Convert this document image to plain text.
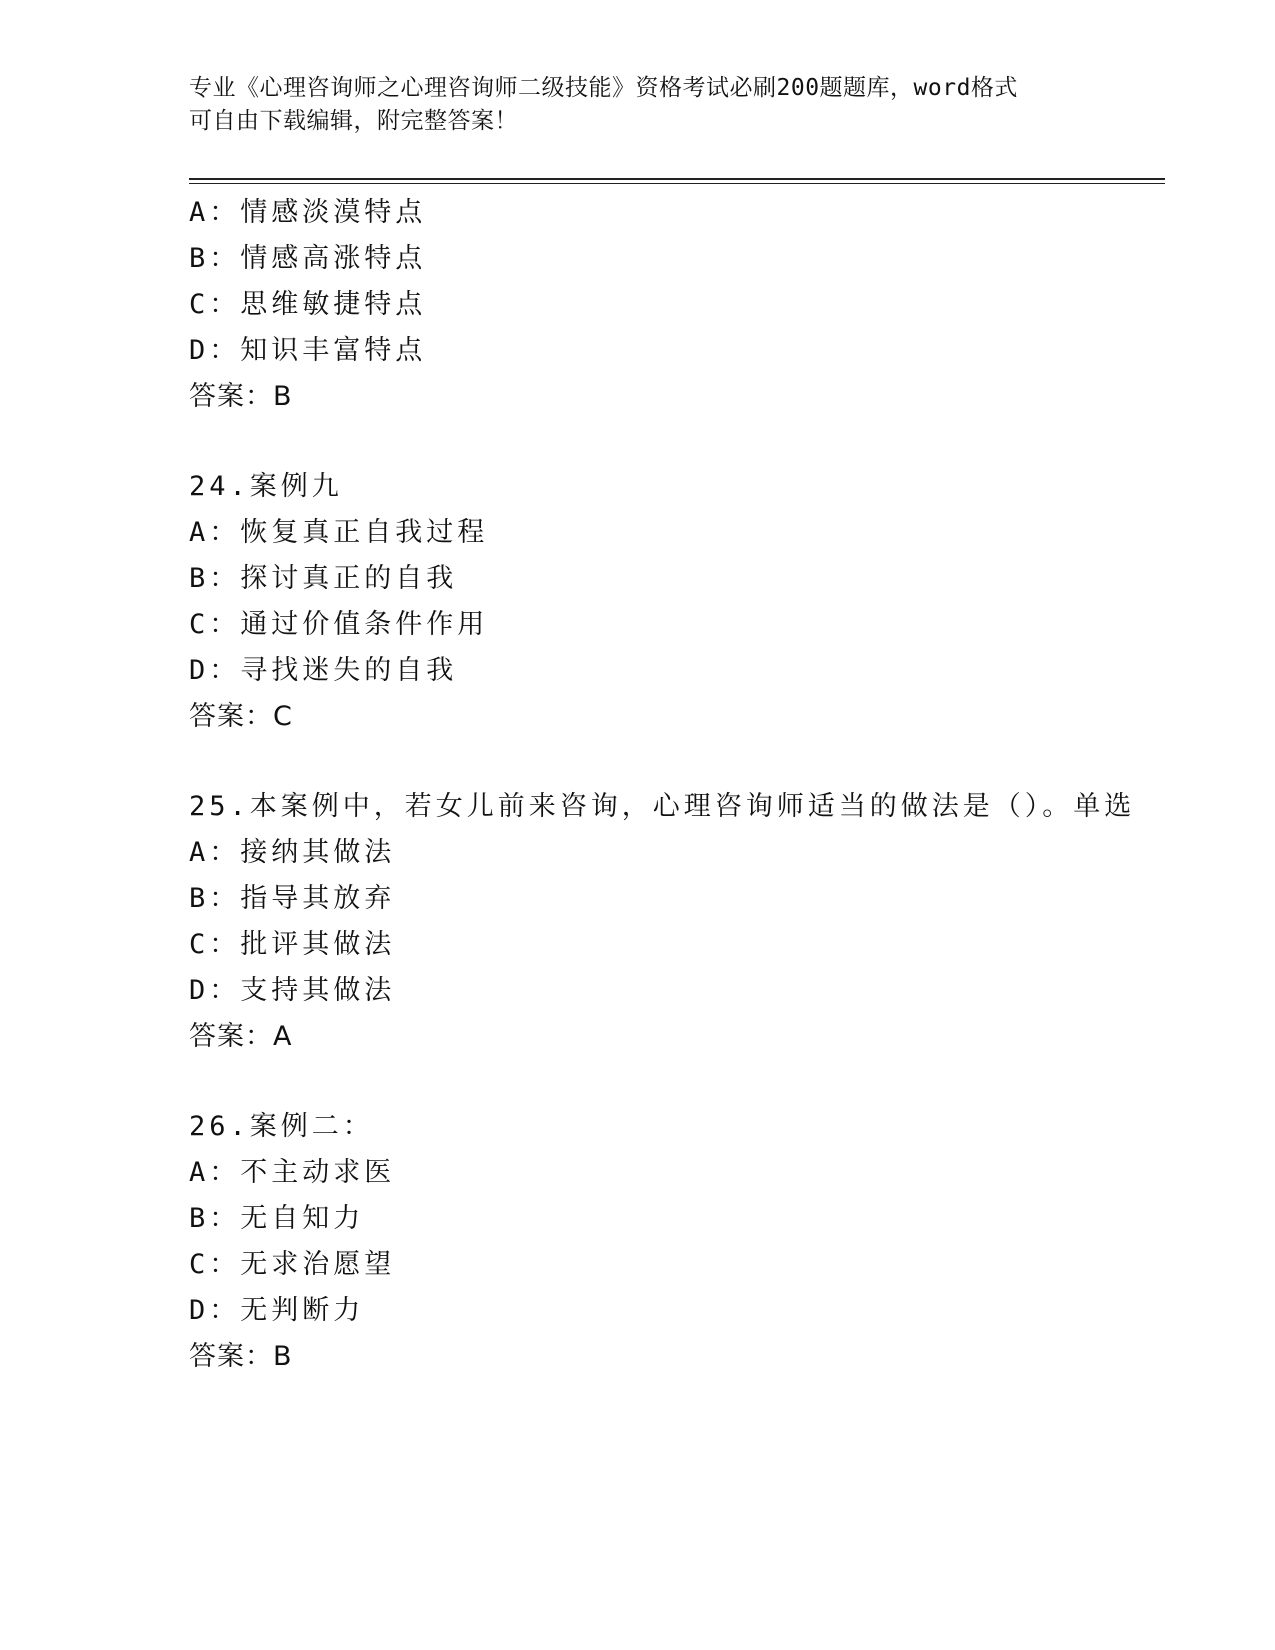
专业《心理咨询师之心理咨询师二级技能》资格考试必刷200题题库，word格式
可自由下载编辑，附完整答案！
A：情感淡漠特点
B：情感高涨特点
C：思维敏捷特点
D：知识丰富特点
答案：B
24.案例九
A：恢复真正自我过程
B：探讨真正的自我
C：通过价值条件作用
D：寻找迷失的自我
答案：C
25.本案例中，若女儿前来咨询，心理咨询师适当的做法是（）。单选
A：接纳其做法
B：指导其放弃
C：批评其做法
D：支持其做法
答案：A
26.案例二：
A：不主动求医
B：无自知力
C：无求治愿望
D：无判断力
答案：B
